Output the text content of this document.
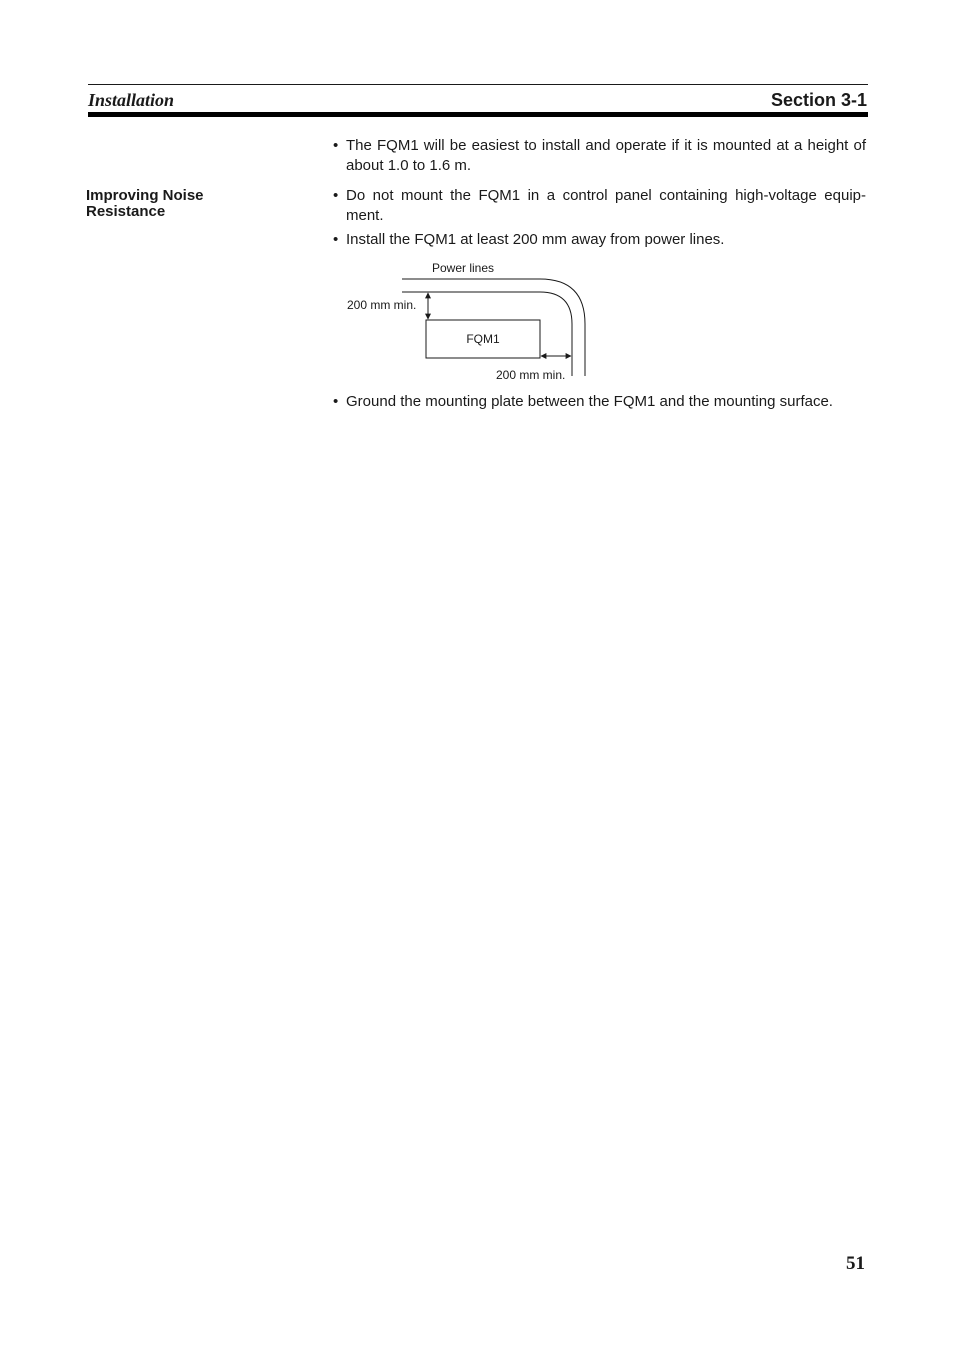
Installation	Section 3-1
• The FQM1 will be easiest to install and operate if it is mounted at a height of about 1.0 to 1.6 m.
Improving Noise Resistance
• Do not mount the FQM1 in a control panel containing high-voltage equip-ment.
• Install the FQM1 at least 200 mm away from power lines.
Power lines
FQM1
200 mm min.
200 mm min.
• Ground the mounting plate between the FQM1 and the mounting surface.
51
